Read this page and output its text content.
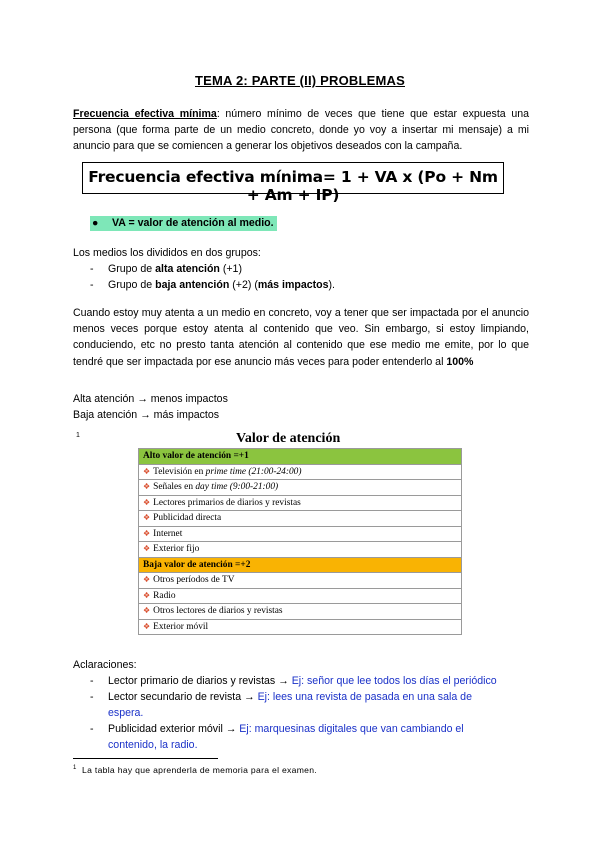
TEMA 2: PARTE (II) PROBLEMAS
Frecuencia efectiva mínima: número mínimo de veces que tiene que estar expuesta una persona (que forma parte de un medio concreto, donde yo voy a insertar mi mensaje) a mi anuncio para que se comiencen a generar los objetivos deseados con la campaña.
Frecuencia efectiva mínima= 1 + VA x (Po + Nm + Am + IP)
● VA = valor de atención al medio.
Los medios los divididos en dos grupos:
- Grupo de alta atención (+1)
- Grupo de baja antención (+2) (más impactos).
Cuando estoy muy atenta a un medio en concreto, voy a tener que ser impactada por el anuncio menos veces porque estoy atenta al contenido que veo. Sin embargo, si estoy limpiando, conduciendo, etc no presto tanta atención al contenido que ese medio me emite, por lo que tendré que ser impactada por ese anuncio más veces para poder entenderlo al 100%
Alta atención → menos impactos
Baja atención → más impactos
1	Valor de atención
Alto valor de atención =+1
❖ Televisión en prime time (21:00-24:00)
❖ Señales en day time (9:00-21:00)
❖ Lectores primarios de diarios y revistas
❖ Publicidad directa
❖ Internet
❖ Exterior fijo
Baja valor de atención =+2
❖ Otros períodos de TV
❖ Radio
❖ Otros lectores de diarios y revistas
❖ Exterior móvil
Aclaraciones:
-	Lector primario de diarios y revistas → Ej: señor que lee todos los días el periódico
-	Lector secundario de revista → Ej: lees una revista de pasada en una sala de espera.
-	Publicidad exterior móvil → Ej: marquesinas digitales que van cambiando el contenido, la radio.
$^1$ La tabla hay que aprenderla de memoria para el examen.
